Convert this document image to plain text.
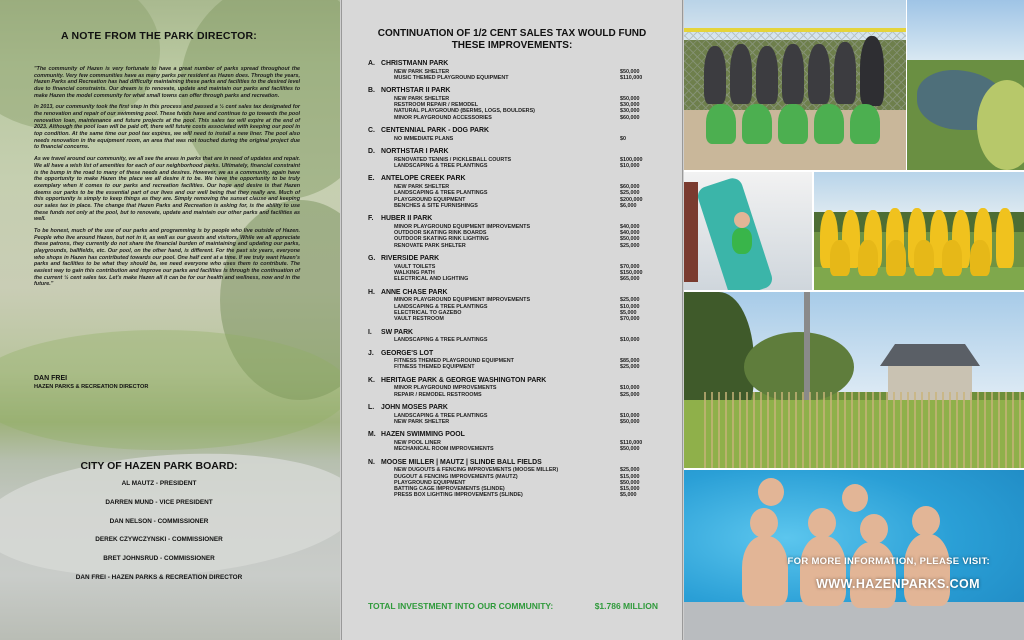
A NOTE FROM THE PARK DIRECTOR:

"The community of Hazen is very fortunate to have a great number of parks spread throughout the community. Very few communities have as many parks per resident as Hazen does. Through the years, Hazen Parks and Recreation has had difficulty maintaining these parks and facilities to the desired level due to financial constraints. Our dream is to renovate, update and maintain our parks and facilities to make Hazen the model community for what small towns can offer through parks and recreation.

In 2013, our community took the first step in this process and passed a ½ cent sales tax designated for the renovation and repair of our swimming pool. These funds have and continue to go towards the pool renovation loan, maintenance and future projects at the pool. This sales tax will expire at the end of 2023. Although the pool loan will be paid off, there will future costs associated with keeping our pool in top condition. At the same time our pool tax expires, we will need to install a new liner. The pool also needs renovation in the equipment room, an area that was not touched during the original project due to financial concerns.

As we travel around our community, we all see the areas in parks that are in need of updates and repair. We all have a wish list of amenities for each of our neighborhood parks. Ultimately, financial constraint is the bump in the road to many of these needs and desires. However, we as a community, again have the opportunity to make Hazen the place we all desire it to be. We have the opportunity to be truly exemplary when it comes to our parks and recreation facilities. Our hope and desire is that Hazen deems our parks to be the essential part of our lives and our well being that they really are. Much of this opportunity is simply to keep things as they are. Simply removing the sunset clause and keeping our sales tax in place. The change that Hazen Parks and Recreation is asking for, is the ability to use these funds not only at the pool, but to renovate, update and maintain our other parks and facilities as well.

To be honest, much of the use of our parks and programming is by people who live outside of Hazen. People who live around Hazen, but not in it, as well as our guests and visitors. While we all appreciate these patrons, they currently do not share the financial burden of maintaining and updating our parks, playgrounds, ballfields, etc. Our pool, on the other hand, is different. For the past six years, everyone who shops in Hazen has contributed towards our pool. One half cent at a time. If we truly want Hazen's parks and facilities to be what they should be, we need everyone who uses them to contribute. The easiest way to gain this contribution and improve our parks and facilities is through the continuation of the current ½ cent sales tax. Let's make Hazen all it can be for our health and wellness, now and in the future."

DAN FREI
HAZEN PARKS & RECREATION DIRECTOR
CITY OF HAZEN PARK BOARD:
AL MAUTZ - PRESIDENT
DARREN MUND - VICE PRESIDENT
DAN NELSON - COMMISSIONER
DEREK CZYWCZYNSKI - COMMISSIONER
BRET JOHNSRUD - COMMISSIONER
DAN FREI - HAZEN PARKS & RECREATION DIRECTOR
CONTINUATION OF 1/2 CENT SALES TAX WOULD FUND
THESE IMPROVEMENTS:
A. CHRISTMANN PARK
NEW PARK SHELTER	$50,000
MUSIC THEMED PLAYGROUND EQUIPMENT	$110,000
B. NORTHSTAR II PARK
NEW PARK SHELTER	$50,000
RESTROOM REPAIR / REMODEL	$30,000
NATURAL PLAYGROUND (BERMS, LOGS, BOULDERS)	$30,000
MINOR PLAYGROUND ACCESSORIES	$60,000
C. CENTENNIAL PARK - DOG PARK
NO IMMEDIATE PLANS	$0
D. NORTHSTAR I PARK
RENOVATED TENNIS / PICKLEBALL COURTS	$100,000
LANDSCAPING & TREE PLANTINGS	$10,000
E. ANTELOPE CREEK PARK
NEW PARK SHELTER	$60,000
LANDSCAPING & TREE PLANTINGS	$25,000
PLAYGROUND EQUIPMENT	$200,000
BENCHES & SITE FURNISHINGS	$6,000
F.	HUBER II PARK
MINOR PLAYGROUND EQUIPMENT IMPROVEMENTS	$40,000
OUTDOOR SKATING RINK BOARDS	$40,000
OUTDOOR SKATING RINK LIGHTING	$50,000
RENOVATE PARK SHELTER	$25,000
G. RIVERSIDE PARK
VAULT TOILETS	$70,000
WALKING PATH	$150,000
ELECTRICAL AND LIGHTING	$65,000
H. ANNE CHASE PARK
MINOR PLAYGROUND EQUIPMENT IMPROVEMENTS	$25,000
LANDSCAPING & TREE PLANTINGS	$10,000
ELECTRICAL TO GAZEBO	$5,000
VAULT RESTROOM	$70,000
I.	SW PARK
LANDSCAPING & TREE PLANTINGS	$10,000
J.	GEORGE'S LOT
FITNESS THEMED PLAYGROUND EQUIPMENT	$85,000
FITNESS THEMED EQUIPMENT	$25,000
K. HERITAGE PARK & GEORGE WASHINGTON PARK
MINOR PLAYGROUND IMPROVEMENTS	$10,000
REPAIR / REMODEL RESTROOMS	$25,000
L. JOHN MOSES PARK
LANDSCAPING & TREE PLANTINGS	$10,000
NEW PARK SHELTER	$50,000
M. HAZEN SWIMMING POOL
NEW POOL LINER	$110,000
MECHANICAL ROOM IMPROVEMENTS	$50,000
N. MOOSE MILLER | MAUTZ | SLINDE BALL FIELDS
NEW DUGOUTS & FENCING IMPROVEMENTS (MOOSE MILLER)	$25,000
DUGOUT & FENCING IMPROVEMENTS (MAUTZ)	$15,000
PLAYGROUND EQUIPMENT	$50,000
BATTING CAGE IMPROVEMENTS (SLINDE)	$15,000
PRESS BOX LIGHTING IMPROVEMENTS (SLINDE)	$5,000
TOTAL INVESTMENT INTO OUR COMMUNITY:	$1.786 MILLION
FOR MORE INFORMATION, PLEASE VISIT:
WWW.HAZENPARKS.COM
